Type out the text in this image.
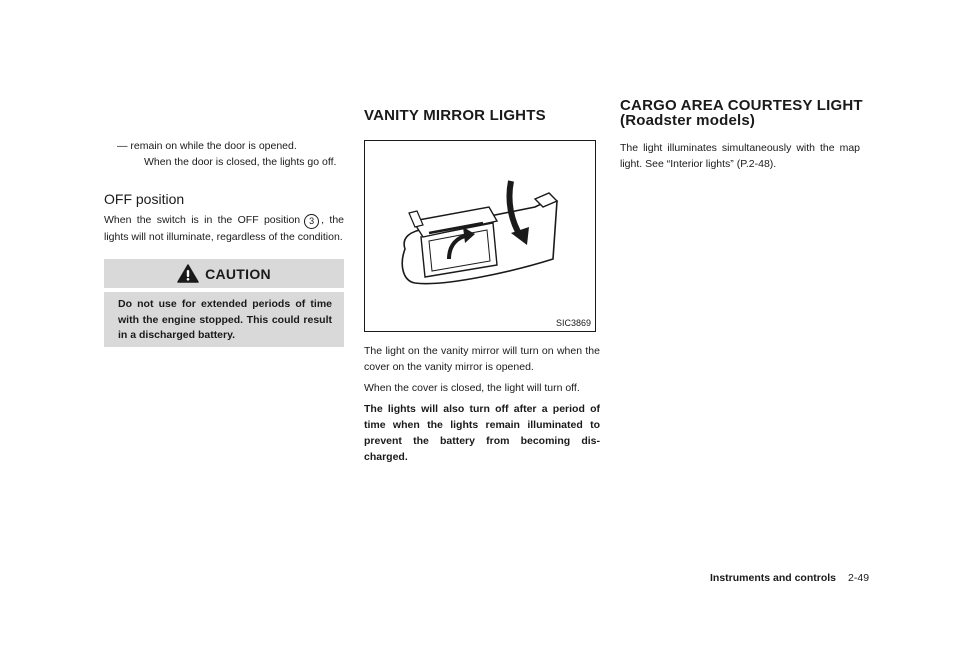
— remain on while the door is opened.
When the door is closed, the lights go off.
OFF position

When the switch is in the OFF position 3 , the lights will not illuminate, regardless of the condition.

CAUTION

Do not use for extended periods of time with the engine stopped. This could result in a discharged battery.

VANITY MIRROR LIGHTS
SIC3869

The light on the vanity mirror will turn on when the cover on the vanity mirror is opened.

When the cover is closed, the light will turn off.

The lights will also turn off after a period of time when the lights remain illuminated to prevent the battery from becoming dis-charged.

CARGO AREA COURTESY LIGHT
(Roadster models)

The light illuminates simultaneously with the map light. See “Interior lights” (P.2-48).

Instruments and controls 2-49
